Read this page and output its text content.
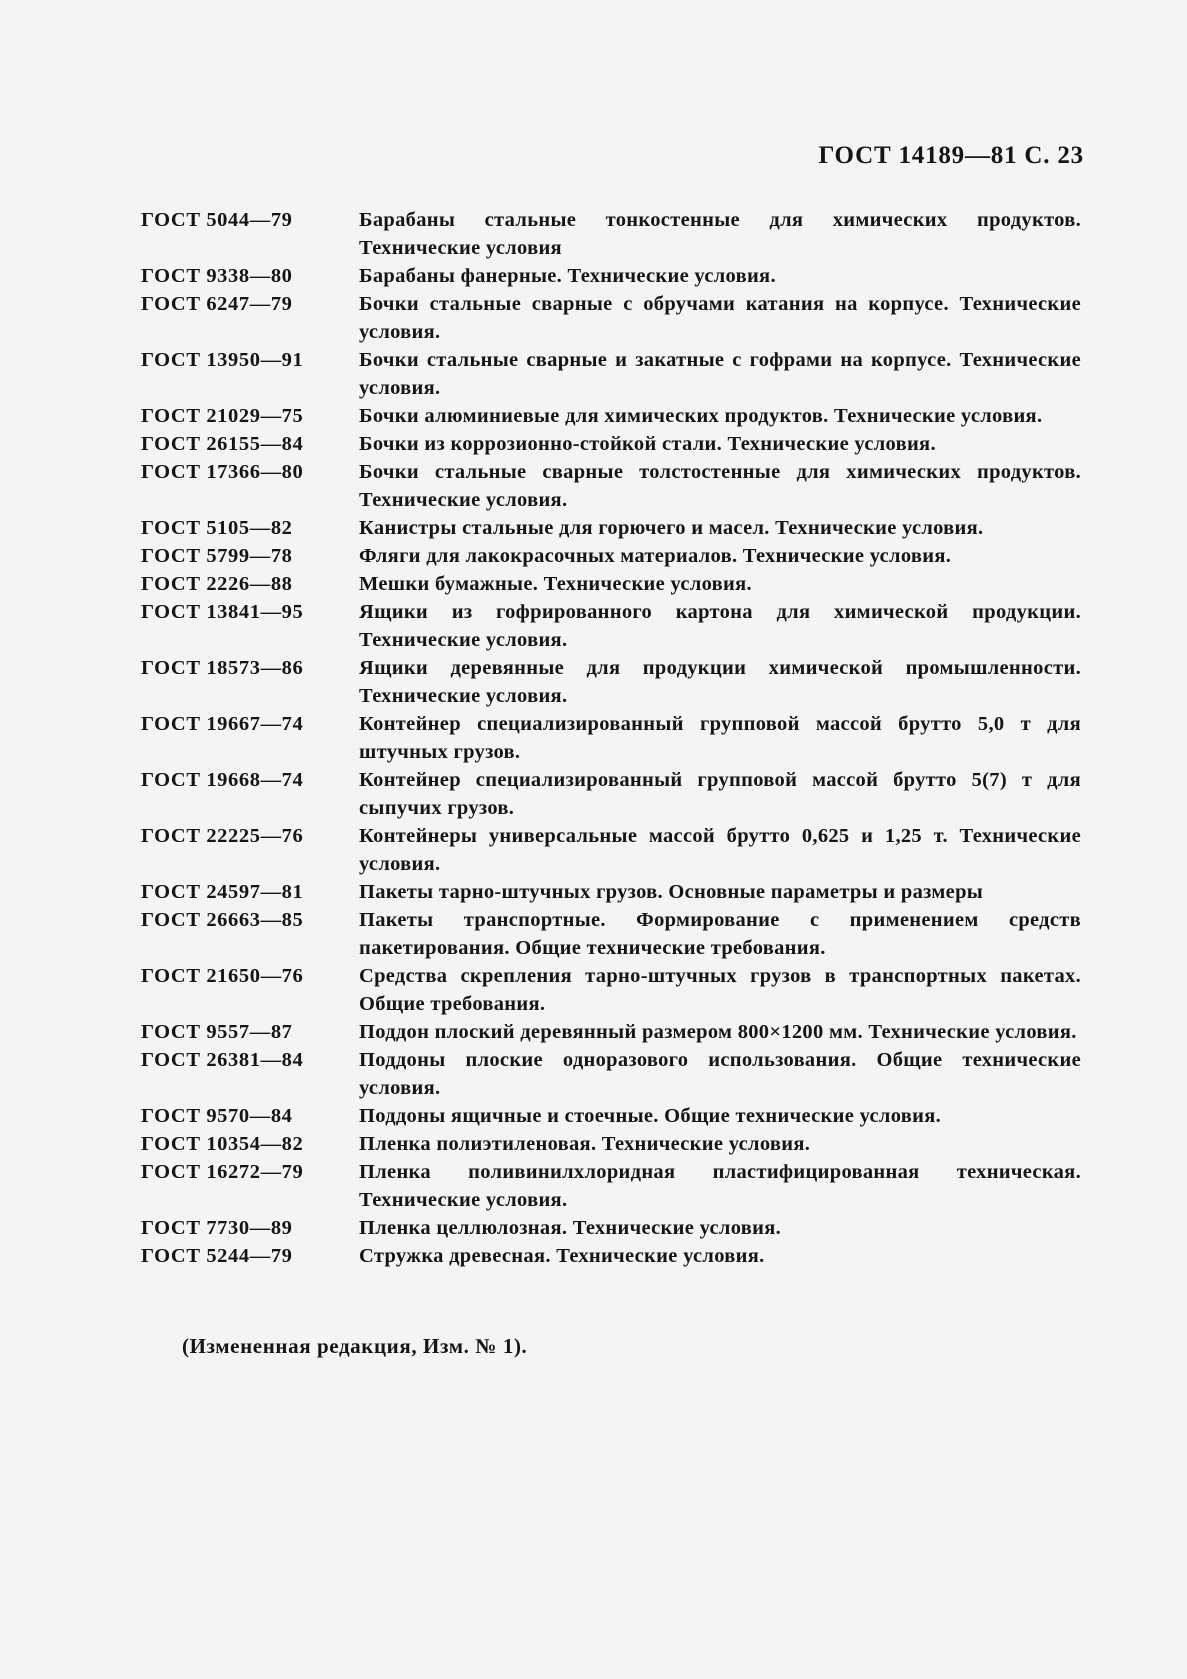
ГОСТ 14189—81 С. 23
ГОСТ 5044—79	Барабаны стальные тонкостенные для химических продуктов. Технические условия
ГОСТ 9338—80	Барабаны фанерные. Технические условия.
ГОСТ 6247—79	Бочки стальные сварные с обручами катания на корпусе. Технические условия.
ГОСТ 13950—91	Бочки стальные сварные и закатные с гофрами на корпусе. Технические условия.
ГОСТ 21029—75	Бочки алюминиевые для химических продуктов. Технические условия.
ГОСТ 26155—84	Бочки из коррозионно-стойкой стали. Технические условия.
ГОСТ 17366—80	Бочки стальные сварные толстостенные для химических продуктов. Технические условия.
ГОСТ 5105—82	Канистры стальные для горючего и масел. Технические условия.
ГОСТ 5799—78	Фляги для лакокрасочных материалов. Технические условия.
ГОСТ 2226—88	Мешки бумажные. Технические условия.
ГОСТ 13841—95	Ящики из гофрированного картона для химической продукции. Технические условия.
ГОСТ 18573—86	Ящики деревянные для продукции химической промышленности. Технические условия.
ГОСТ 19667—74	Контейнер специализированный групповой массой брутто 5,0 т для штучных грузов.
ГОСТ 19668—74	Контейнер специализированный групповой массой брутто 5(7) т для сыпучих грузов.
ГОСТ 22225—76	Контейнеры универсальные массой брутто 0,625 и 1,25 т. Технические условия.
ГОСТ 24597—81	Пакеты тарно-штучных грузов. Основные параметры и размеры
ГОСТ 26663—85	Пакеты транспортные. Формирование с применением средств пакетирования. Общие технические требования.
ГОСТ 21650—76	Средства скрепления тарно-штучных грузов в транспортных пакетах. Общие требования.
ГОСТ 9557—87	Поддон плоский деревянный размером 800×1200 мм. Технические условия.
ГОСТ 26381—84	Поддоны плоские одноразового использования. Общие технические условия.
ГОСТ 9570—84	Поддоны ящичные и стоечные. Общие технические условия.
ГОСТ 10354—82	Пленка полиэтиленовая. Технические условия.
ГОСТ 16272—79	Пленка поливинилхлоридная пластифицированная техническая. Технические условия.
ГОСТ 7730—89	Пленка целлюлозная. Технические условия.
ГОСТ 5244—79	Стружка древесная. Технические условия.
(Измененная редакция, Изм. № 1).
